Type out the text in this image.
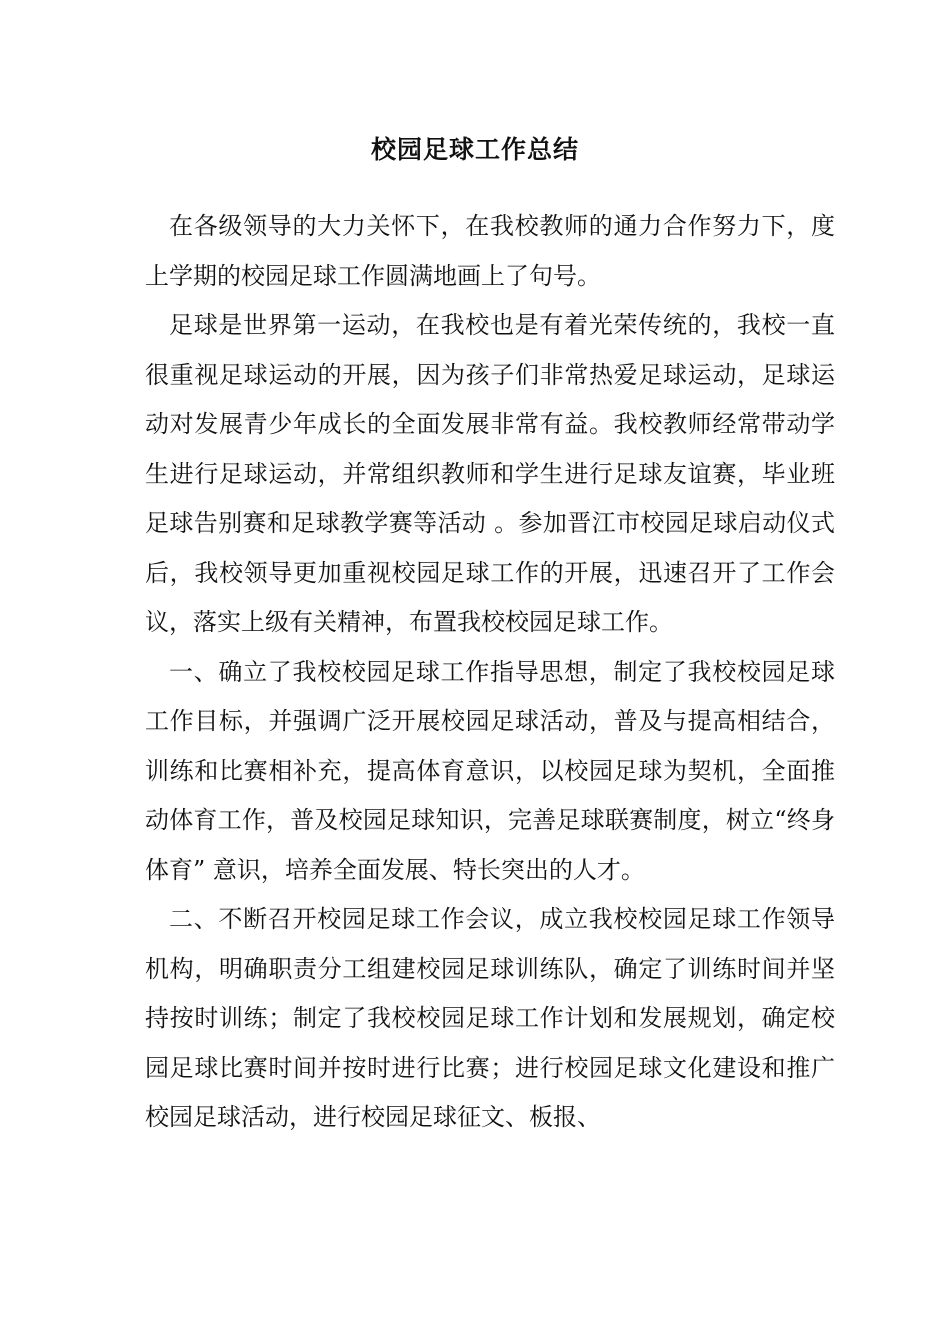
校园足球工作总结

在各级领导的大力关怀下，在我校教师的通力合作努力下，度上学期的校园足球工作圆满地画上了句号。

足球是世界第一运动，在我校也是有着光荣传统的，我校一直很重视足球运动的开展，因为孩子们非常热爱足球运动，足球运动对发展青少年成长的全面发展非常有益。我校教师经常带动学生进行足球运动，并常组织教师和学生进行足球友谊赛，毕业班足球告别赛和足球教学赛等活动 。参加晋江市校园足球启动仪式后，我校领导更加重视校园足球工作的开展，迅速召开了工作会议，落实上级有关精神，布置我校校园足球工作。

一、确立了我校校园足球工作指导思想，制定了我校校园足球工作目标，并强调广泛开展校园足球活动，普及与提高相结合，训练和比赛相补充，提高体育意识，以校园足球为契机，全面推动体育工作，普及校园足球知识，完善足球联赛制度，树立“终身体育” 意识，培养全面发展、特长突出的人才。

二、不断召开校园足球工作会议，成立我校校园足球工作领导机构，明确职责分工组建校园足球训练队，确定了训练时间并坚持按时训练；制定了我校校园足球工作计划和发展规划，确定校园足球比赛时间并按时进行比赛；进行校园足球文化建设和推广校园足球活动，进行校园足球征文、板报、
